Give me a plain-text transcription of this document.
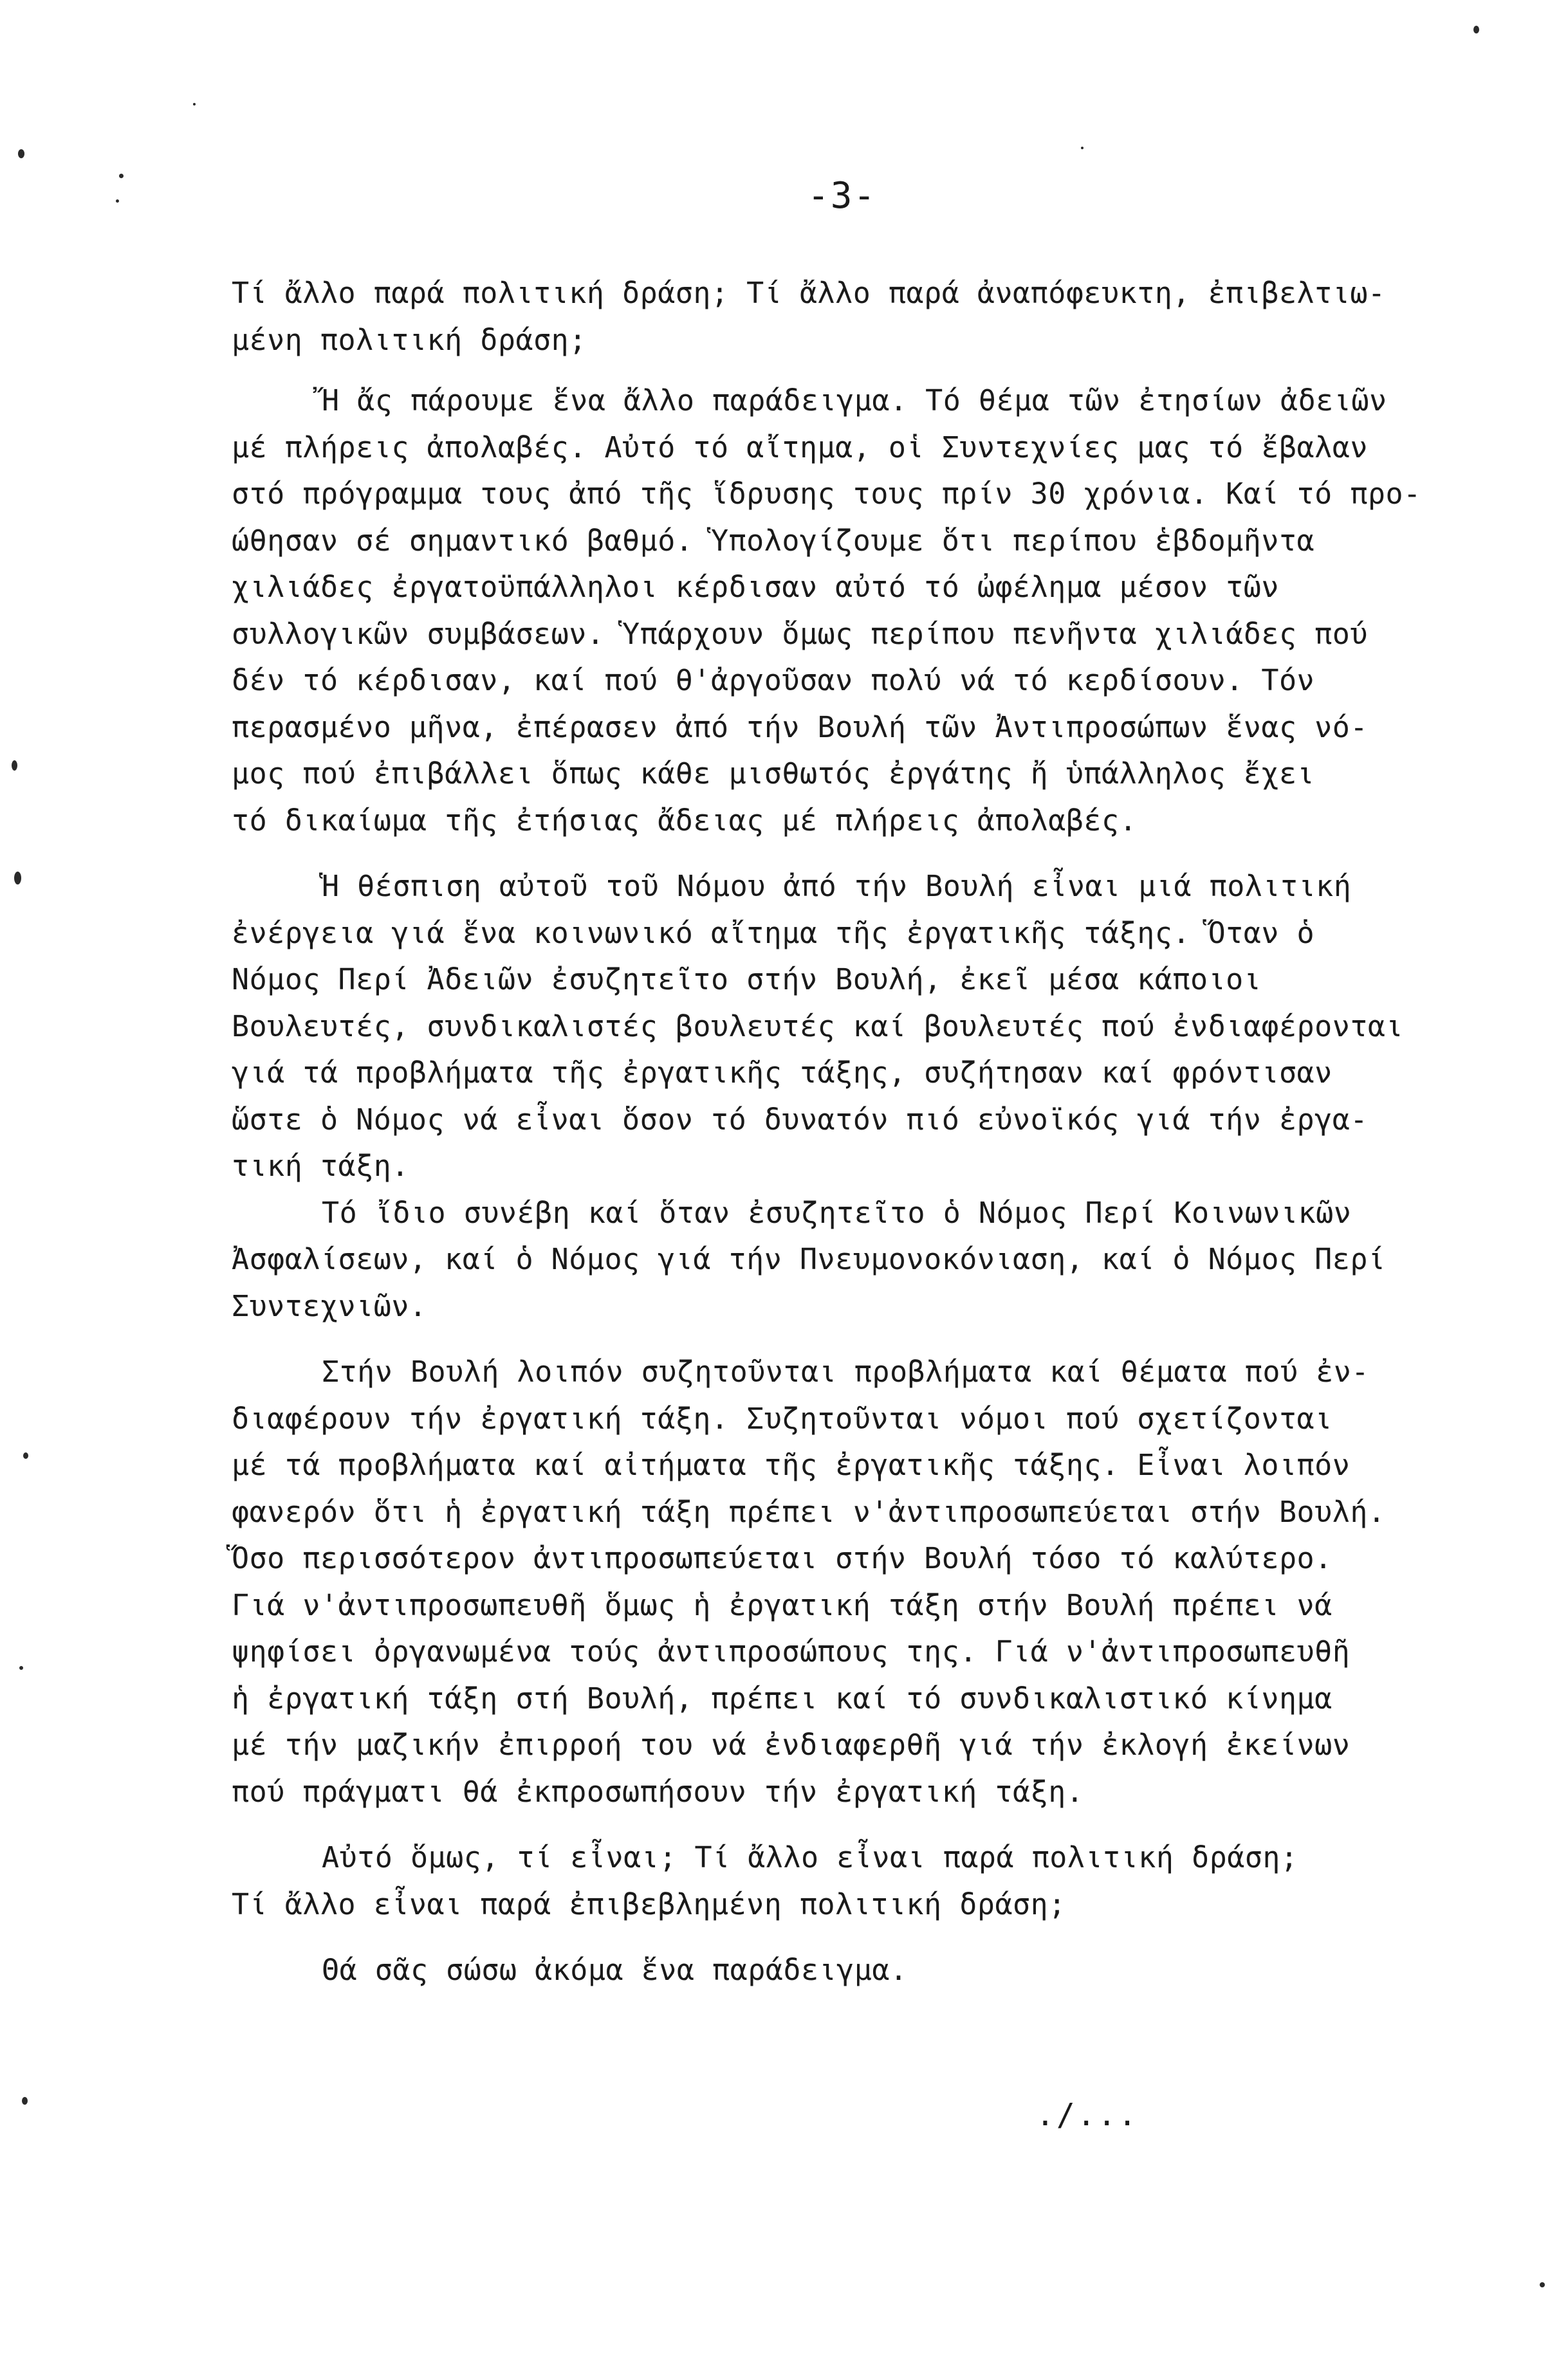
-3-
Τί ἄλλο παρά πολιτική δράση; Τί ἄλλο παρά ἀναπόφευκτη, ἐπιβελτιω-
μένη πολιτική δράση;
Ἤ ἄς πάρουμε ἕνα ἄλλο παράδειγμα. Τό θέμα τῶν ἐτησίων ἀδειῶν
μέ πλήρεις ἀπολαβές. Αὐτό τό αἴτημα, οἱ Συντεχνίες μας τό ἔβαλαν
στό πρόγραμμα τους ἀπό τῆς ἵδρυσης τους πρίν 30 χρόνια. Καί τό προ-
ώθησαν σέ σημαντικό βαθμό. Ὑπολογίζουμε ὅτι περίπου ἑβδομῆντα
χιλιάδες ἐργατοϋπάλληλοι κέρδισαν αὐτό τό ὠφέλημα μέσον τῶν
συλλογικῶν συμβάσεων. Ὑπάρχουν ὅμως περίπου πενῆντα χιλιάδες πού
δέν τό κέρδισαν, καί πού θ'ἀργοῦσαν πολύ νά τό κερδίσουν. Τόν
περασμένο μῆνα, ἐπέρασεν ἀπό τήν Βουλή τῶν Ἀντιπροσώπων ἕνας νό-
μος πού ἐπιβάλλει ὅπως κάθε μισθωτός ἐργάτης ἤ ὑπάλληλος ἔχει
τό δικαίωμα τῆς ἐτήσιας ἄδειας μέ πλήρεις ἀπολαβές.
Ἡ θέσπιση αὐτοῦ τοῦ Νόμου ἀπό τήν Βουλή εἶναι μιά πολιτική
ἐνέργεια γιά ἕνα κοινωνικό αἴτημα τῆς ἐργατικῆς τάξης. Ὅταν ὁ
Νόμος Περί Ἀδειῶν ἐσυζητεῖτο στήν Βουλή, ἐκεῖ μέσα κάποιοι
Βουλευτές, συνδικαλιστές βουλευτές καί βουλευτές πού ἐνδιαφέρονται
γιά τά προβλήματα τῆς ἐργατικῆς τάξης, συζήτησαν καί φρόντισαν
ὥστε ὁ Νόμος νά εἶναι ὅσον τό δυνατόν πιό εὐνοϊκός γιά τήν ἐργα-
τική τάξη.
Τό ἴδιο συνέβη καί ὅταν ἐσυζητεῖτο ὁ Νόμος Περί Κοινωνικῶν
Ἀσφαλίσεων, καί ὁ Νόμος γιά τήν Πνευμονοκόνιαση, καί ὁ Νόμος Περί
Συντεχνιῶν.
Στήν Βουλή λοιπόν συζητοῦνται προβλήματα καί θέματα πού ἐν-
διαφέρουν τήν ἐργατική τάξη. Συζητοῦνται νόμοι πού σχετίζονται
μέ τά προβλήματα καί αἰτήματα τῆς ἐργατικῆς τάξης. Εἶναι λοιπόν
φανερόν ὅτι ἡ ἐργατική τάξη πρέπει ν'ἀντιπροσωπεύεται στήν Βουλή.
Ὅσο περισσότερον ἀντιπροσωπεύεται στήν Βουλή τόσο τό καλύτερο.
Γιά ν'ἀντιπροσωπευθῆ ὅμως ἡ ἐργατική τάξη στήν Βουλή πρέπει νά
ψηφίσει ὀργανωμένα τούς ἀντιπροσώπους της. Γιά ν'ἀντιπροσωπευθῆ
ἡ ἐργατική τάξη στή Βουλή, πρέπει καί τό συνδικαλιστικό κίνημα
μέ τήν μαζικήν ἐπιρροή του νά ἐνδιαφερθῆ γιά τήν ἐκλογή ἐκείνων
πού πράγματι θά ἐκπροσωπήσουν τήν ἐργατική τάξη.
Αὐτό ὅμως, τί εἶναι; Τί ἄλλο εἶναι παρά πολιτική δράση;
Τί ἄλλο εἶναι παρά ἐπιβεβλημένη πολιτική δράση;
Θά σᾶς σώσω ἀκόμα ἕνα παράδειγμα.
./...
